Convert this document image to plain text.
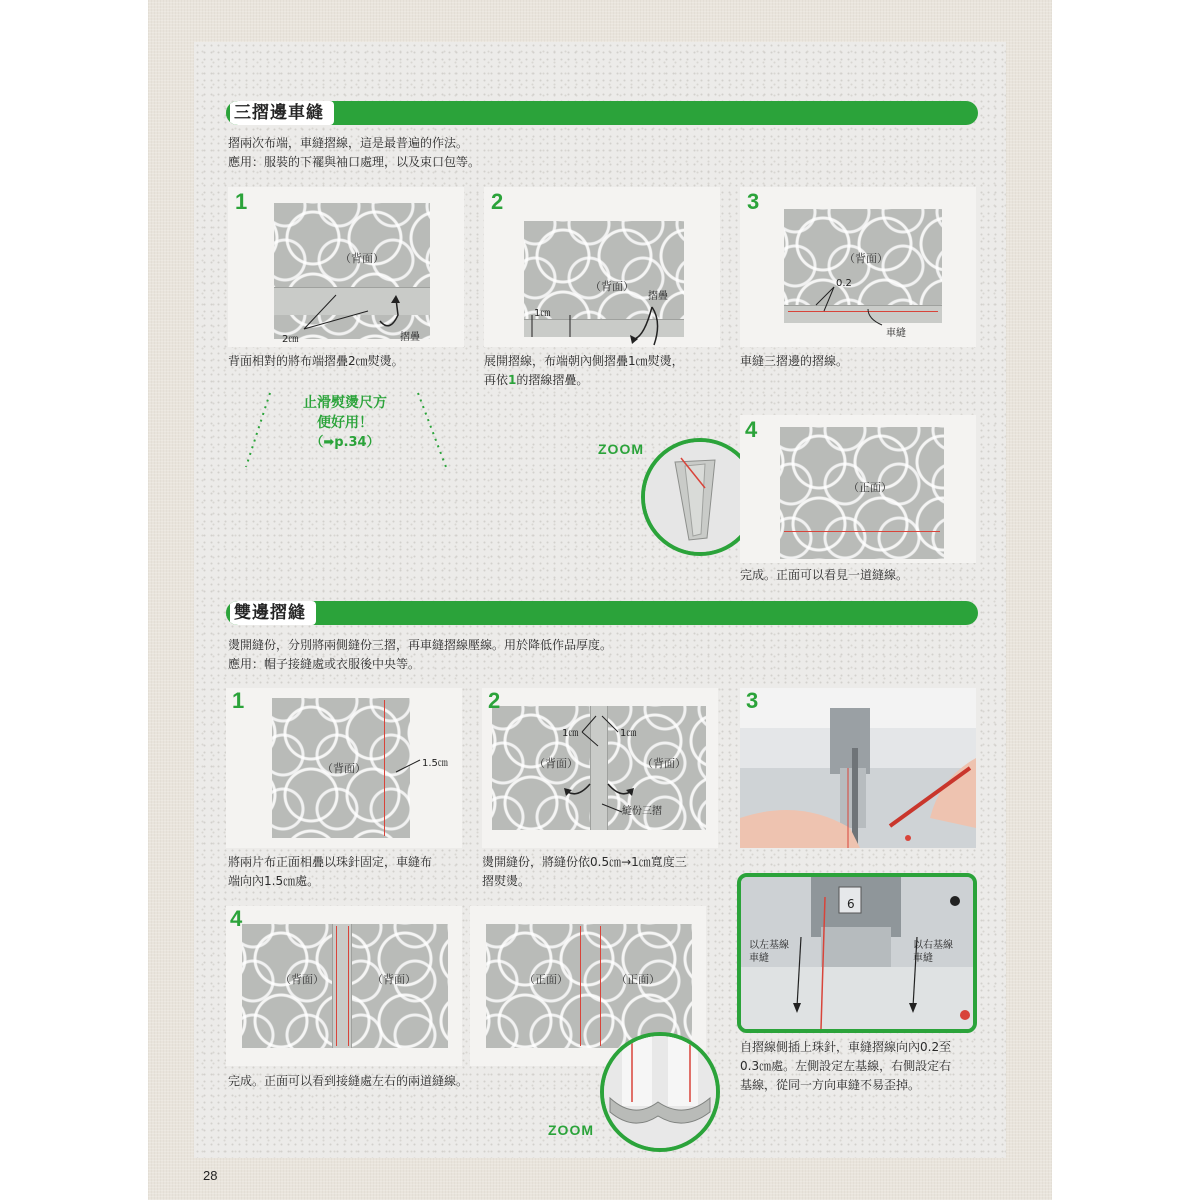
三摺邊車縫
摺兩次布端，車縫摺線，這是最普遍的作法。
應用：服裝的下襬與袖口處理，以及束口包等。
（背面）
2㎝	摺疊
1
背面相對的將布端摺疊2㎝熨燙。
（背面）
1㎝
摺疊
2
展開摺線，布端朝內側摺疊1㎝熨燙，
再依1的摺線摺疊。
（背面）
0.2
車縫
3
車縫三摺邊的摺線。
止滑熨燙尺方
便好用！
（➡p.34）	ZOOM
（正面）
4
完成。正面可以看見一道縫線。
雙邊摺縫
燙開縫份，分別將兩側縫份三摺，再車縫摺線壓線。用於降低作品厚度。
應用：帽子接縫處或衣服後中央等。
（背面）	1.5㎝
1
將兩片布正面相疊以珠針固定，車縫布
端向內1.5㎝處。
（背面）	（背面）
1㎝	1㎝
縫份三摺
2
燙開縫份，將縫份依0.5㎝→1㎝寬度三
摺熨燙。
3
6
以左基線
車縫
以右基線
車縫
自摺線側插上珠針，車縫摺線向內0.2至
0.3㎝處。左側設定左基線，右側設定右
基線，從同一方向車縫不易歪掉。
（背面）	（背面）
4
（正面）	（正面）
完成。正面可以看到接縫處左右的兩道縫線。
ZOOM
28
